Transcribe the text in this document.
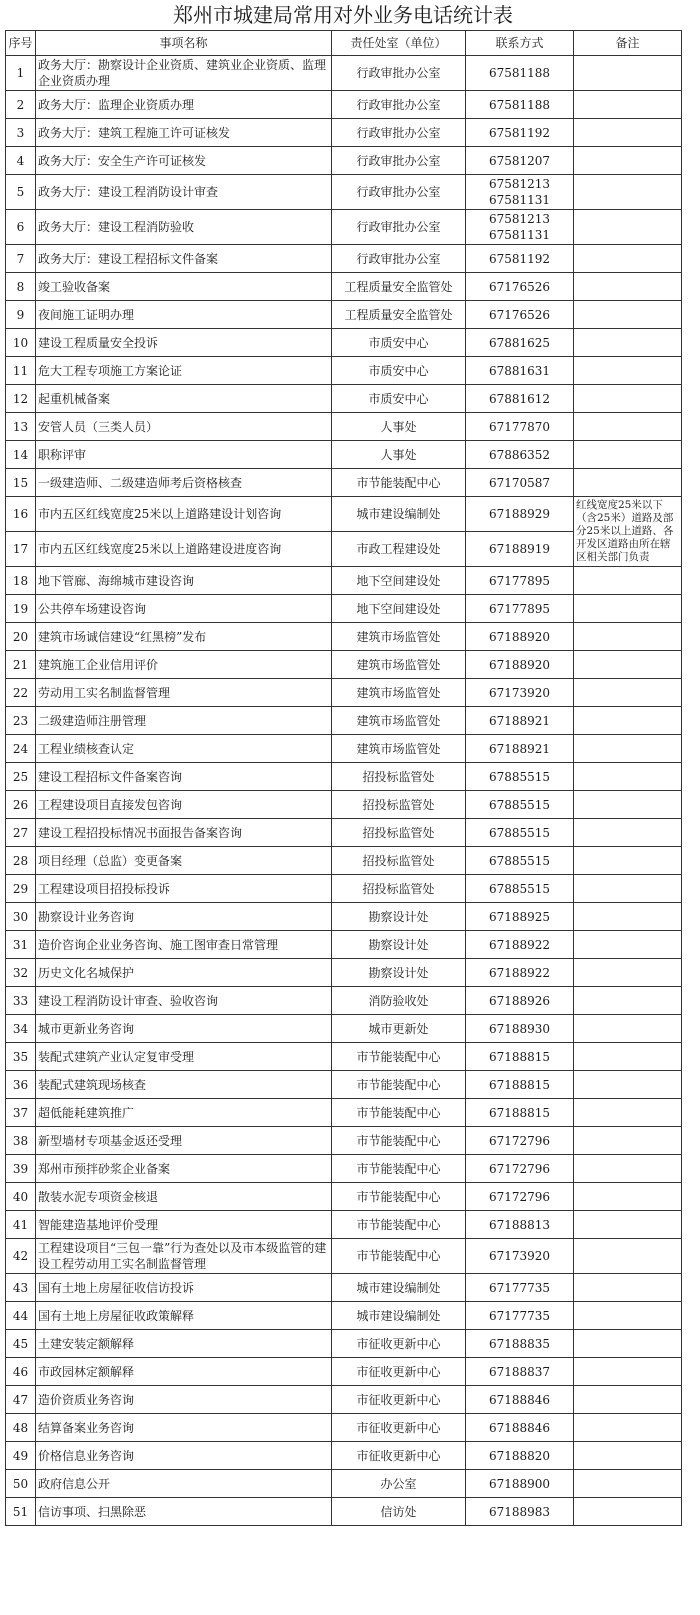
郑州市城建局常用对外业务电话统计表
序号	事项名称	责任处室（单位）	联系方式	备注
1	政务大厅：勘察设计企业资质、建筑业企业资质、监理企业资质办理	行政审批办公室	67581188	
2	政务大厅：监理企业资质办理	行政审批办公室	67581188	
3	政务大厅：建筑工程施工许可证核发	行政审批办公室	67581192	
4	政务大厅：安全生产许可证核发	行政审批办公室	67581207	
5	政务大厅：建设工程消防设计审查	行政审批办公室	67581213
67581131	
6	政务大厅：建设工程消防验收	行政审批办公室	67581213
67581131	
7	政务大厅：建设工程招标文件备案	行政审批办公室	67581192	
8	竣工验收备案	工程质量安全监管处	67176526	
9	夜间施工证明办理	工程质量安全监管处	67176526	
10	建设工程质量安全投诉	市质安中心	67881625	
11	危大工程专项施工方案论证	市质安中心	67881631	
12	起重机械备案	市质安中心	67881612	
13	安管人员（三类人员）	人事处	67177870	
14	职称评审	人事处	67886352	
15	一级建造师、二级建造师考后资格核查	市节能装配中心	67170587	
16	市内五区红线宽度25米以上道路建设计划咨询	城市建设编制处	67188929	红线宽度25米以下（含25米）道路及部分25米以上道路、各开发区道路由所在辖区相关部门负责
17	市内五区红线宽度25米以上道路建设进度咨询	市政工程建设处	67188919	
18	地下管廊、海绵城市建设咨询	地下空间建设处	67177895	
19	公共停车场建设咨询	地下空间建设处	67177895	
20	建筑市场诚信建设“红黑榜”发布	建筑市场监管处	67188920	
21	建筑施工企业信用评价	建筑市场监管处	67188920	
22	劳动用工实名制监督管理	建筑市场监管处	67173920	
23	二级建造师注册管理	建筑市场监管处	67188921	
24	工程业绩核查认定	建筑市场监管处	67188921	
25	建设工程招标文件备案咨询	招投标监管处	67885515	
26	工程建设项目直接发包咨询	招投标监管处	67885515	
27	建设工程招投标情况书面报告备案咨询	招投标监管处	67885515	
28	项目经理（总监）变更备案	招投标监管处	67885515	
29	工程建设项目招投标投诉	招投标监管处	67885515	
30	勘察设计业务咨询	勘察设计处	67188925	
31	造价咨询企业业务咨询、施工图审查日常管理	勘察设计处	67188922	
32	历史文化名城保护	勘察设计处	67188922	
33	建设工程消防设计审查、验收咨询	消防验收处	67188926	
34	城市更新业务咨询	城市更新处	67188930	
35	装配式建筑产业认定复审受理	市节能装配中心	67188815	
36	装配式建筑现场核查	市节能装配中心	67188815	
37	超低能耗建筑推广	市节能装配中心	67188815	
38	新型墙材专项基金返还受理	市节能装配中心	67172796	
39	郑州市预拌砂浆企业备案	市节能装配中心	67172796	
40	散装水泥专项资金核退	市节能装配中心	67172796	
41	智能建造基地评价受理	市节能装配中心	67188813	
42	工程建设项目“三包一靠”行为查处以及市本级监管的建设工程劳动用工实名制监督管理	市节能装配中心	67173920	
43	国有土地上房屋征收信访投诉	城市建设编制处	67177735	
44	国有土地上房屋征收政策解释	城市建设编制处	67177735	
45	土建安装定额解释	市征收更新中心	67188835	
46	市政园林定额解释	市征收更新中心	67188837	
47	造价资质业务咨询	市征收更新中心	67188846	
48	结算备案业务咨询	市征收更新中心	67188846	
49	价格信息业务咨询	市征收更新中心	67188820	
50	政府信息公开	办公室	67188900	
51	信访事项、扫黑除恶	信访处	67188983	
